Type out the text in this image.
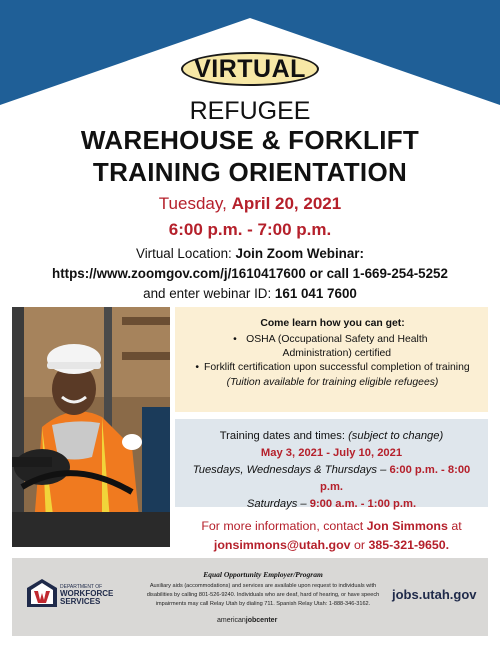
VIRTUAL
REFUGEE
WAREHOUSE & FORKLIFT
TRAINING ORIENTATION
Tuesday, April 20, 2021
6:00 p.m. - 7:00 p.m.
Virtual Location: Join Zoom Webinar:
https://www.zoomgov.com/j/1610417600 or call 1-669-254-5252
and enter webinar ID: 161 041 7600
Come learn how you can get:
• OSHA (Occupational Safety and Health Administration) certified
• Forklift certification upon successful completion of training
(Tuition available for training eligible refugees)
Training dates and times: (subject to change)
May 3, 2021 - July 10, 2021
Tuesdays, Wednesdays & Thursdays – 6:00 p.m. - 8:00 p.m.
Saturdays – 9:00 a.m. - 1:00 p.m.
For more information, contact Jon Simmons at
jonsimmons@utah.gov or 385-321-9650.
DEPARTMENT OF
WORKFORCE
SERVICES
Equal Opportunity Employer/Program
Auxiliary aids (accommodations) and services are available upon request to individuals with
disabilities by calling 801-526-9240. Individuals who are deaf, hard of hearing, or have speech
impairments may call Relay Utah by dialing 711. Spanish Relay Utah: 1-888-346-3162.
americanjobcenter
jobs.utah.gov
